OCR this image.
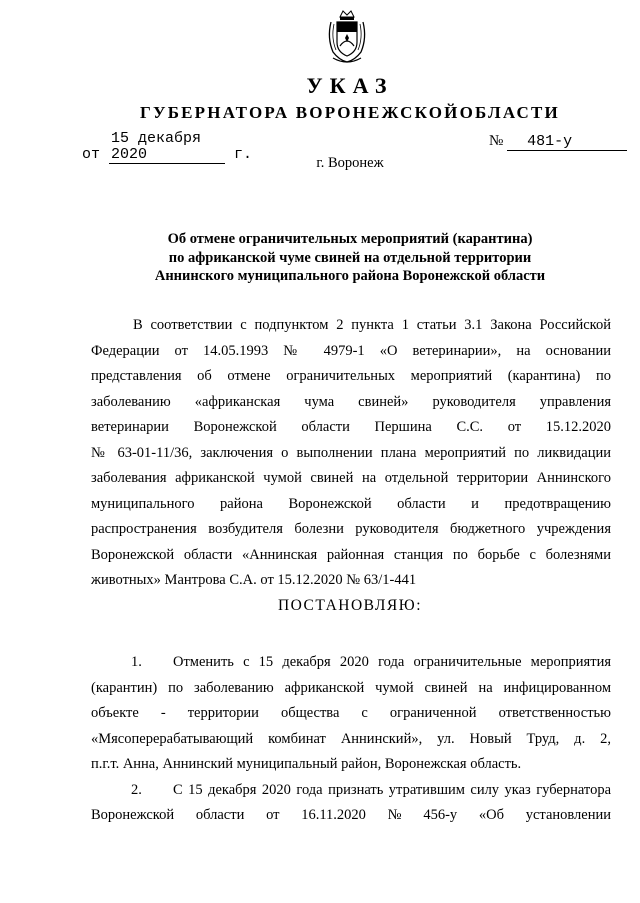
УКАЗ
ГУБЕРНАТОРА ВОРОНЕЖСКОЙОБЛАСТИ
от 15 декабря 2020	г.
№ 481-у
г. Воронеж
Об отмене ограничительных мероприятий (карантина)
по африканской чуме свиней на отдельной территории
Аннинского муниципального района Воронежской области
В соответствии с подпунктом 2 пункта 1 статьи 3.1 Закона Российской
Федерации от 14.05.1993 № 4979-1 «О ветеринарии», на основании
представления об отмене ограничительных мероприятий (карантина) по
заболеванию «африканская чума свиней» руководителя управления
ветеринарии Воронежской области Першина С.С. от 15.12.2020
№ 63-01-11/36, заключения о выполнении плана мероприятий по ликвидации
заболевания африканской чумой свиней на отдельной территории Аннинского
муниципального района Воронежской области и предотвращению
распространения возбудителя болезни руководителя бюджетного учреждения
Воронежской области «Аннинская районная станция по борьбе с болезнями
животных» Мантрова С.А. от 15.12.2020 № 63/1-441
ПОСТАНОВЛЯЮ:
1. Отменить с 15 декабря 2020 года ограничительные мероприятия
(карантин) по заболеванию африканской чумой свиней на инфицированном
объекте - территории общества с ограниченной ответственностью
«Мясоперерабатывающий комбинат Аннинский», ул. Новый Труд, д. 2,
п.г.т. Анна, Аннинский муниципальный район, Воронежская область.
2. С 15 декабря 2020 года признать утратившим силу указ губернатора
Воронежской области от 16.11.2020 № 456-у «Об установлении
